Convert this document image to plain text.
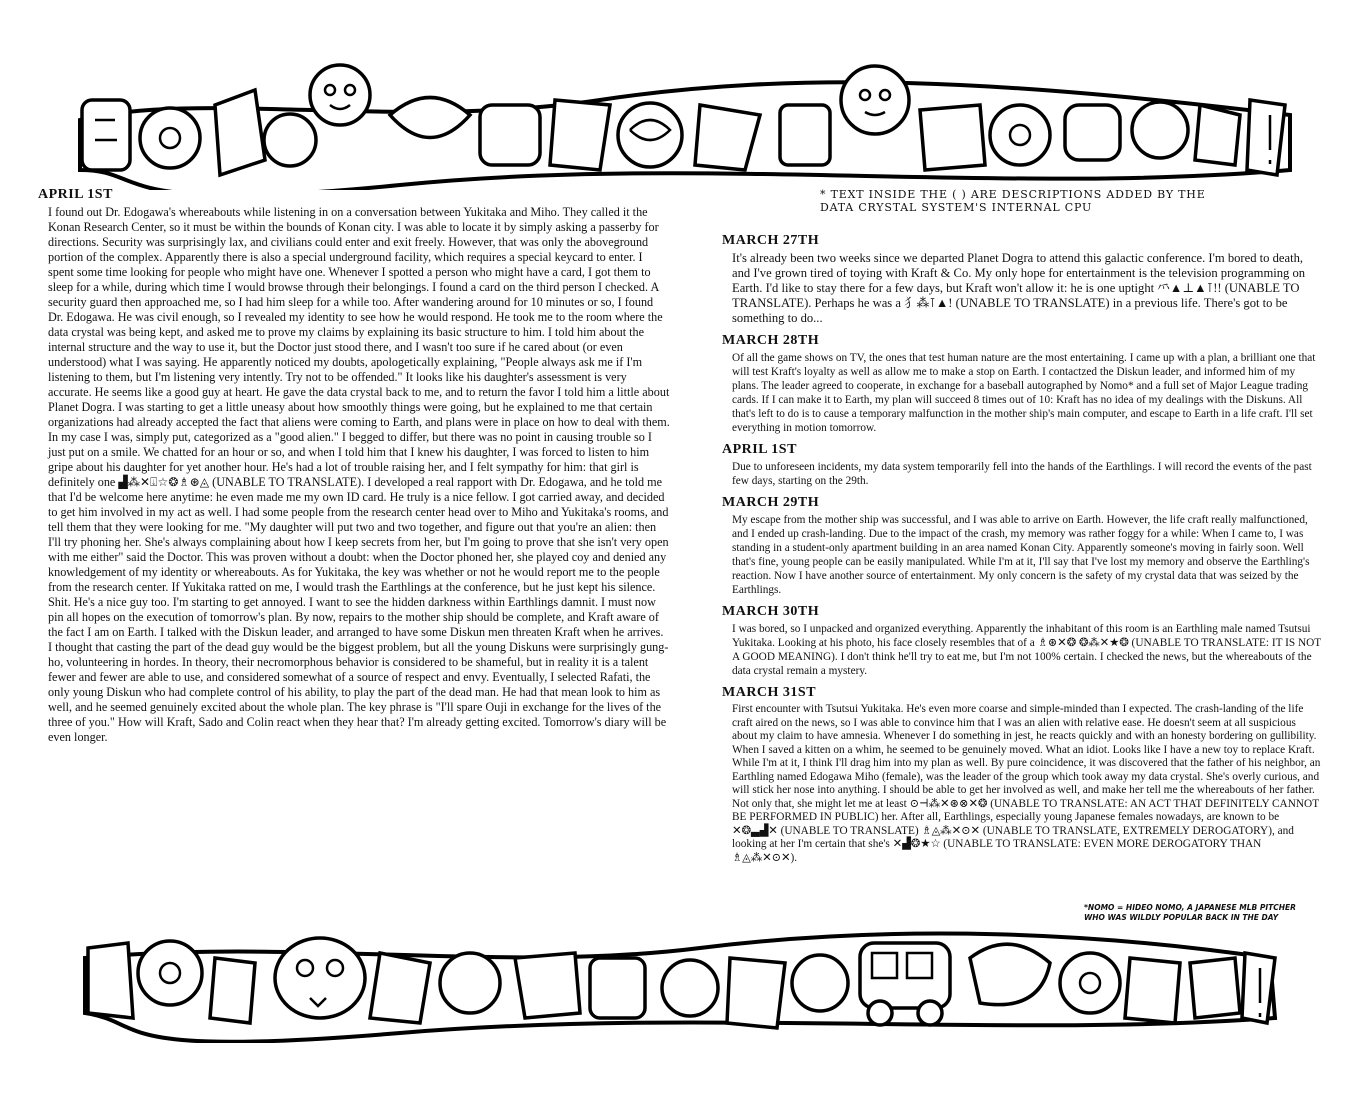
APRIL 1ST
I found out Dr. Edogawa's whereabouts while listening in on a conversation between Yukitaka and Miho. They called it the Konan Research Center, so it must be within the bounds of Konan city. I was able to locate it by simply asking a passerby for directions. Security was surprisingly lax, and civilians could enter and exit freely. However, that was only the aboveground portion of the complex. Apparently there is also a special underground facility, which requires a special keycard to enter. I spent some time looking for people who might have one. Whenever I spotted a person who might have a card, I got them to sleep for a while, during which time I would browse through their belongings. I found a card on the third person I checked. A security guard then approached me, so I had him sleep for a while too. After wandering around for 10 minutes or so, I found Dr. Edogawa. He was civil enough, so I revealed my identity to see how he would respond. He took me to the room where the data crystal was being kept, and asked me to prove my claims by explaining its basic structure to him. I told him about the internal structure and the way to use it, but the Doctor just stood there, and I wasn't too sure if he cared about (or even understood) what I was saying. He apparently noticed my doubts, apologetically explaining, "People always ask me if I'm listening to them, but I'm listening very intently. Try not to be offended." It looks like his daughter's assessment is very accurate. He seems like a good guy at heart. He gave the data crystal back to me, and to return the favor I told him a little about Planet Dogra. I was starting to get a little uneasy about how smoothly things were going, but he explained to me that certain organizations had already accepted the fact that aliens were coming to Earth, and plans were in place on how to deal with them. In my case I was, simply put, categorized as a "good alien." I begged to differ, but there was no point in causing trouble so I just put on a smile. We chatted for an hour or so, and when I told him that I knew his daughter, I was forced to listen to him gripe about his daughter for yet another hour. He's had a lot of trouble raising her, and I felt sympathy for him: that girl is definitely one ▟⁂✕⍗☆❂♗⊛◬ (UNABLE TO TRANSLATE). I developed a real rapport with Dr. Edogawa, and he told me that I'd be welcome here anytime: he even made me my own ID card. He truly is a nice fellow. I got carried away, and decided to get him involved in my act as well. I had some people from the research center head over to Miho and Yukitaka's rooms, and tell them that they were looking for me. "My daughter will put two and two together, and figure out that you're an alien: then I'll try phoning her. She's always complaining about how I keep secrets from her, but I'm going to prove that she isn't very open with me either" said the Doctor. This was proven without a doubt: when the Doctor phoned her, she played coy and denied any knowledgement of my identity or whereabouts. As for Yukitaka, the key was whether or not he would report me to the people from the research center. If Yukitaka ratted on me, I would trash the Earthlings at the conference, but he just kept his silence. Shit. He's a nice guy too. I'm starting to get annoyed. I want to see the hidden darkness within Earthlings damnit. I must now pin all hopes on the execution of tomorrow's plan. By now, repairs to the mother ship should be complete, and Kraft aware of the fact I am on Earth. I talked with the Diskun leader, and arranged to have some Diskun men threaten Kraft when he arrives. I thought that casting the part of the dead guy would be the biggest problem, but all the young Diskuns were surprisingly gung-ho, volunteering in hordes. In theory, their necromorphous behavior is considered to be shameful, but in reality it is a talent fewer and fewer are able to use, and considered somewhat of a source of respect and envy. Eventually, I selected Rafati, the only young Diskun who had complete control of his ability, to play the part of the dead man. He had that mean look to him as well, and he seemed genuinely excited about the whole plan. The key phrase is "I'll spare Ouji in exchange for the lives of the three of you." How will Kraft, Sado and Colin react when they hear that? I'm already getting excited. Tomorrow's diary will be even longer.
* TEXT INSIDE THE ( ) ARE DESCRIPTIONS ADDED BY THE
DATA CRYSTAL SYSTEM'S INTERNAL CPU
MARCH 27TH
It's already been two weeks since we departed Planet Dogra to attend this galactic conference. I'm bored to death, and I've grown tired of toying with Kraft & Co. My only hope for entertainment is the television programming on Earth. I'd like to stay there for a few days, but Kraft won't allow it: he is one uptight ⺤▲⊥▲⊺!! (UNABLE TO TRANSLATE). Perhaps he was a ⺨⁂⊺▲! (UNABLE TO TRANSLATE) in a previous life. There's got to be something to do...
MARCH 28TH
Of all the game shows on TV, the ones that test human nature are the most entertaining. I came up with a plan, a brilliant one that will test Kraft's loyalty as well as allow me to make a stop on Earth. I contactzed the Diskun leader, and informed him of my plans. The leader agreed to cooperate, in exchange for a baseball autographed by Nomo* and a full set of Major League trading cards. If I can make it to Earth, my plan will succeed 8 times out of 10: Kraft has no idea of my dealings with the Diskuns. All that's left to do is to cause a temporary malfunction in the mother ship's main computer, and escape to Earth in a life craft. I'll set everything in motion tomorrow.
APRIL 1ST
Due to unforeseen incidents, my data system temporarily fell into the hands of the Earthlings. I will record the events of the past few days, starting on the 29th.
MARCH 29TH
My escape from the mother ship was successful, and I was able to arrive on Earth. However, the life craft really malfunctioned, and I ended up crash-landing. Due to the impact of the crash, my memory was rather foggy for a while: When I came to, I was standing in a student-only apartment building in an area named Konan City. Apparently someone's moving in fairly soon. Well that's fine, young people can be easily manipulated. While I'm at it, I'll say that I've lost my memory and observe the Earthling's reaction. Now I have another source of entertainment. My only concern is the safety of my crystal data that was seized by the Earthlings.
MARCH 30TH
I was bored, so I unpacked and organized everything. Apparently the inhabitant of this room is an Earthling male named Tsutsui Yukitaka. Looking at his photo, his face closely resembles that of a ♗⊛✕❂ ❂⁂✕★❂ (UNABLE TO TRANSLATE: IT IS NOT A GOOD MEANING). I don't think he'll try to eat me, but I'm not 100% certain. I checked the news, but the whereabouts of the data crystal remain a mystery.
MARCH 31ST
First encounter with Tsutsui Yukitaka. He's even more coarse and simple-minded than I expected. The crash-landing of the life craft aired on the news, so I was able to convince him that I was an alien with relative ease. He doesn't seem at all suspicious about my claim to have amnesia. Whenever I do something in jest, he reacts quickly and with an honesty bordering on gullibility. When I saved a kitten on a whim, he seemed to be genuinely moved. What an idiot. Looks like I have a new toy to replace Kraft. While I'm at it, I think I'll drag him into my plan as well. By pure coincidence, it was discovered that the father of his neighbor, an Earthling named Edogawa Miho (female), was the leader of the group which took away my data crystal. She's overly curious, and will stick her nose into anything. I should be able to get her involved as well, and make her tell me the whereabouts of her father. Not only that, she might let me at least ⊙⊣⁂✕⊛⊗✕❂ (UNABLE TO TRANSLATE: AN ACT THAT DEFINITELY CANNOT BE PERFORMED IN PUBLIC) her. After all, Earthlings, especially young Japanese females nowadays, are known to be ✕❂▃▟✕ (UNABLE TO TRANSLATE) ♗◬⁂✕⊙✕ (UNABLE TO TRANSLATE, EXTREMELY DEROGATORY), and looking at her I'm certain that she's ✕▟❂★☆ (UNABLE TO TRANSLATE: EVEN MORE DEROGATORY THAN ♗◬⁂✕⊙✕).
*NOMO = HIDEO NOMO, A JAPANESE MLB PITCHER
WHO WAS WILDLY POPULAR BACK IN THE DAY
